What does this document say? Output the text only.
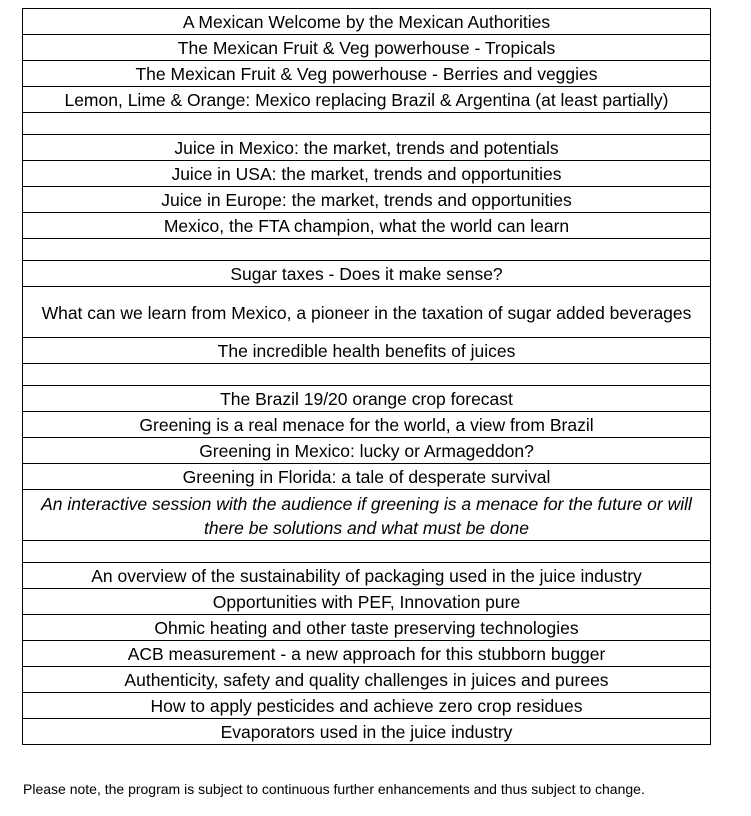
A Mexican Welcome by the Mexican Authorities
The Mexican Fruit & Veg powerhouse - Tropicals
The Mexican Fruit & Veg powerhouse - Berries and veggies
Lemon, Lime & Orange: Mexico replacing Brazil & Argentina (at least partially)

Juice in Mexico: the market, trends and potentials
Juice in USA: the market, trends and opportunities
Juice in Europe: the market, trends and opportunities
Mexico, the FTA champion, what the world can learn

Sugar taxes - Does it make sense?
What can we learn from Mexico, a pioneer in the taxation of sugar added beverages
The incredible health benefits of juices

The Brazil 19/20 orange crop forecast
Greening is a real menace for the world, a view from Brazil
Greening in Mexico: lucky or Armageddon?
Greening in Florida: a tale of desperate survival
An interactive session with the audience if greening is a menace for the future or will there be solutions and what must be done

An overview of the sustainability of packaging used in the juice industry
Opportunities with PEF, Innovation pure
Ohmic heating and other taste preserving technologies
ACB measurement - a new approach for this stubborn bugger
Authenticity, safety and quality challenges in juices and purees
How to apply pesticides and achieve zero crop residues
Evaporators used in the juice industry
Please note, the program is subject to continuous further enhancements and thus subject to change.
